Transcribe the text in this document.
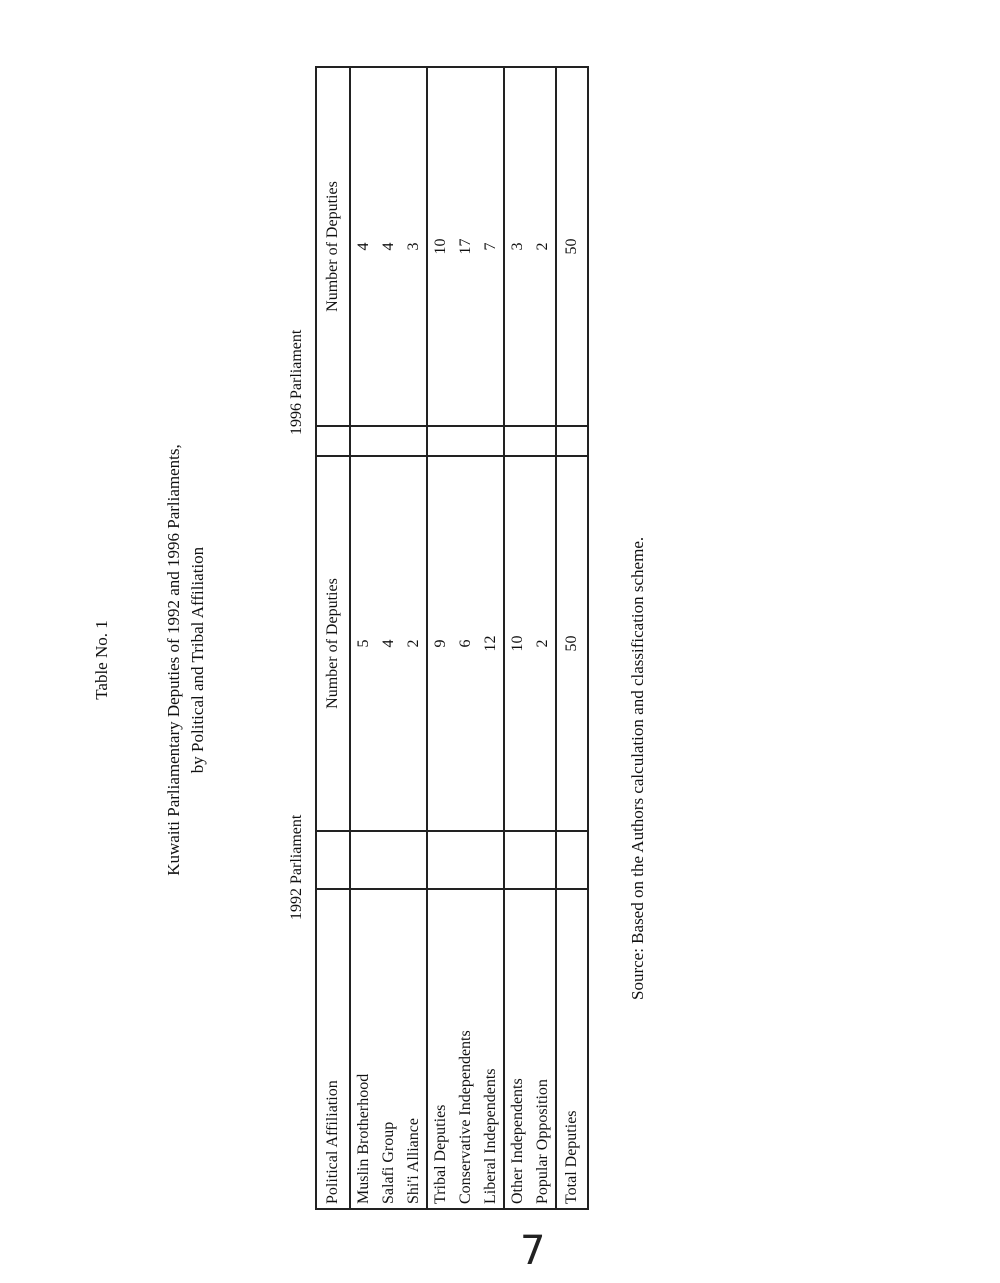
Table No. 1	Kuwaiti Parliamentary Deputies of 1992 and 1996 Parliaments, by Political and Tribal Affiliation
1992 Parliament
1996 Parliament
Political Affiliation		Number of Deputies		Number of Deputies
Muslin Brotherhood		5		4
Salafi Group		4		4
Shi'i Alliance		2		3
Tribal Deputies		9		10
Conservative Independents		6		17
Liberal Independents		12		7
Other Independents		10		3
Popular Opposition		2		2
Total Deputies		50		50
Source: Based on the Authors calculation and classification scheme.
7
